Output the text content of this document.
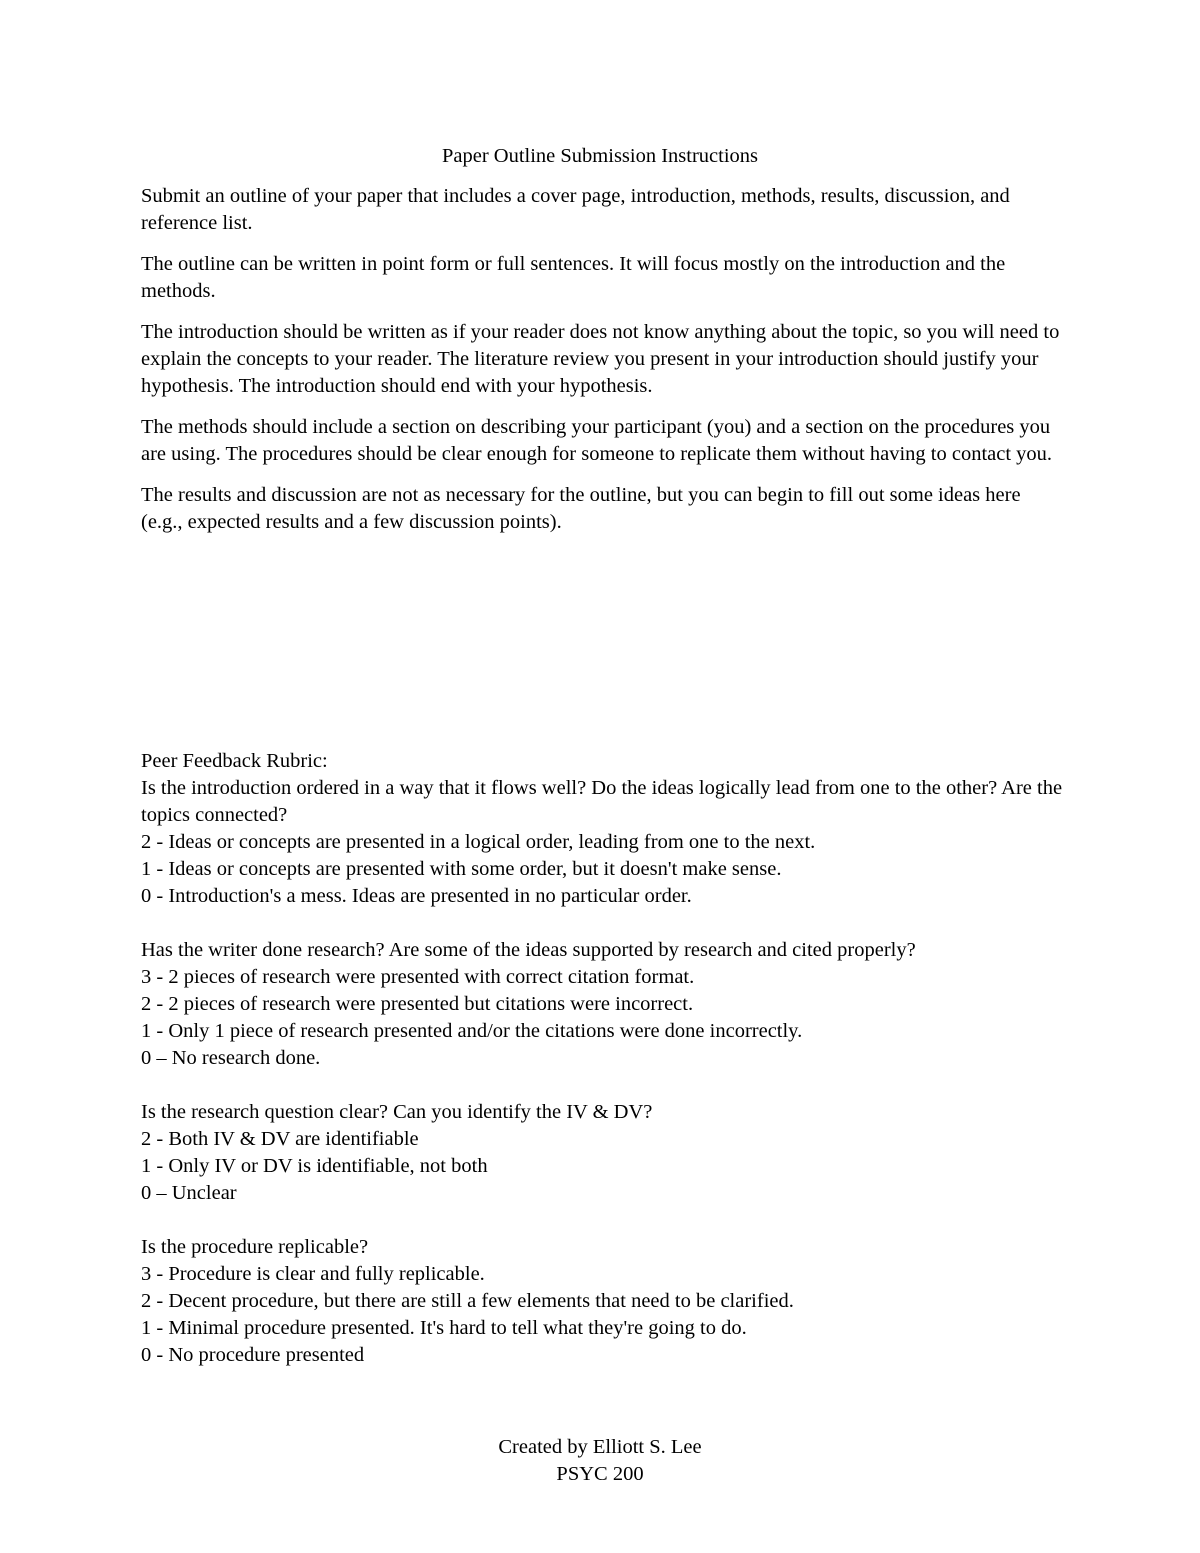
Paper Outline Submission Instructions

Submit an outline of your paper that includes a cover page, introduction, methods, results, discussion, and reference list.

The outline can be written in point form or full sentences. It will focus mostly on the introduction and the methods.

The introduction should be written as if your reader does not know anything about the topic, so you will need to explain the concepts to your reader. The literature review you present in your introduction should justify your hypothesis. The introduction should end with your hypothesis.

The methods should include a section on describing your participant (you) and a section on the procedures you are using. The procedures should be clear enough for someone to replicate them without having to contact you.

The results and discussion are not as necessary for the outline, but you can begin to fill out some ideas here (e.g., expected results and a few discussion points).

Peer Feedback Rubric:
Is the introduction ordered in a way that it flows well? Do the ideas logically lead from one to the other? Are the topics connected?
2 - Ideas or concepts are presented in a logical order, leading from one to the next.
1 - Ideas or concepts are presented with some order, but it doesn't make sense.
0 - Introduction's a mess. Ideas are presented in no particular order.
Has the writer done research? Are some of the ideas supported by research and cited properly?
3 - 2 pieces of research were presented with correct citation format.
2 - 2 pieces of research were presented but citations were incorrect.
1 - Only 1 piece of research presented and/or the citations were done incorrectly.
0 – No research done.
Is the research question clear? Can you identify the IV & DV?
2 - Both IV & DV are identifiable
1 - Only IV or DV is identifiable, not both
0 – Unclear
Is the procedure replicable?
3 - Procedure is clear and fully replicable.
2 - Decent procedure, but there are still a few elements that need to be clarified.
1 - Minimal procedure presented. It's hard to tell what they're going to do.
0 - No procedure presented
Created by Elliott S. Lee
PSYC 200
